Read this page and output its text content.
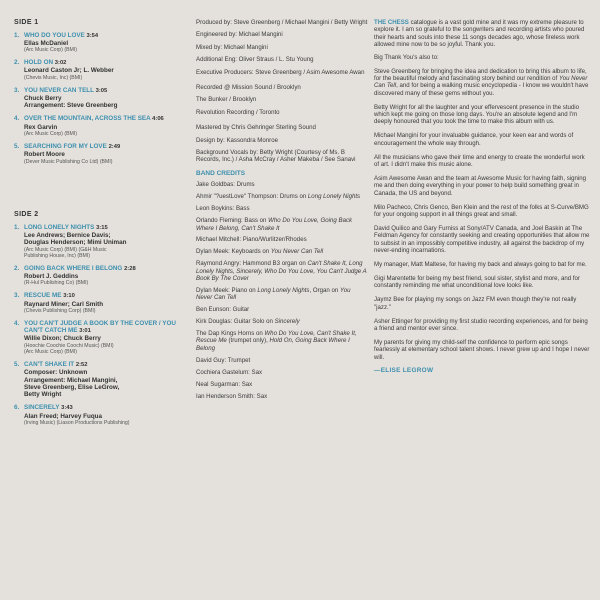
SIDE 1
1. WHO DO YOU LOVE 3:54
Ellas McDaniel
(Arc Music Corp) (BMI)
2. HOLD ON 3:02
Leonard Caston Jr; L. Webber
(Chevis Music, Inc) (BMI)
3. YOU NEVER CAN TELL 3:05
Chuck Berry
Arrangement: Steve Greenberg
4. OVER THE MOUNTAIN, ACROSS THE SEA 4:06
Rex Garvin
(Arc Music Corp) (BMI)
5. SEARCHING FOR MY LOVE 2:49
Robert Moore
(Dever Music Publishing Co Ltd) (BMI)
SIDE 2
1. LONG LONELY NIGHTS 3:15
Lee Andrews; Bernice Davis;
Douglas Henderson; Mimi Uniman
(Arc Music Corp) (BMI) (G&H Music
Publishing House, Inc) (BMI)
2. GOING BACK WHERE I BELONG 2:28
Robert J. Geddins
(R-Hul Publishing Co) (BMI)
3. RESCUE ME 3:10
Raynard Miner; Carl Smith
(Chevis Publishing Corp) (BMI)
4. YOU CAN'T JUDGE A BOOK BY THE COVER / YOU CAN'T CATCH ME 3:01
Willie Dixon; Chuck Berry
(Hoochie Coochie Coochi Music) (BMI)
(Arc Music Corp) (BMI)
5. CAN'T SHAKE IT 2:52
Composer: Unknown
Arrangement: Michael Mangini,
Steve Greenberg, Elise LeGrow,
Betty Wright
6. SINCERELY 3:43
Alan Freed; Harvey Fuqua
(Irving Music) (Liason Productions Publishing)
Produced by: Steve Greenberg / Michael Mangini / Betty Wright
Engineered by: Michael Mangini
Mixed by: Michael Mangini
Additional Eng: Oliver Straus / L. Stu Young
Executive Producers: Steve Greenberg / Asim Awesome Awan
Recorded @ Mission Sound / Brooklyn
The Bunker / Brooklyn
Revolution Recording / Toronto
Mastered by Chris Gehringer Sterling Sound
Design by: Kassondra Monroe
Background Vocals by: Betty Wright (Courtesy of Ms. B Records, Inc.) / Asha McCray / Asher Makeba / See Sanavi
BAND CREDITS
Jake Goldbas: Drums
Ahmir "?uestLove" Thompson: Drums on Long Lonely Nights
Leon Boykins: Bass
Orlando Fleming: Bass on Who Do You Love, Going Back Where I Belong, Can't Shake It
Michael Mitchell: Piano/Wurlitzer/Rhodes
Dylan Meek: Keyboards on You Never Can Tell
Raymond Angry: Hammond B3 organ on Can't Shake It, Long Lonely Nights, Sincerely, Who Do You Love, You Can't Judge A Book By The Cover
Dylan Meek: Piano on Long Lonely Nights, Organ on You Never Can Tell
Ben Eunson: Guitar
Kirk Douglas: Guitar Solo on Sincerely
The Dap Kings Horns on Who Do You Love, Can't Shake It, Rescue Me (trumpet only), Hold On, Going Back Where I Belong
David Guy: Trumpet
Cochiera Gastelum: Sax
Neal Sugarman: Sax
Ian Henderson Smith: Sax
THE CHESS catalogue is a vast gold mine and it was my extreme pleasure to explore it. I am so grateful to the songwriters and recording artists who poured their hearts and souls into these 11 songs decades ago, whose fireless work allowed mine now to be so joyful. Thank you.
Big Thank You's also to:
Steve Greenberg for bringing the idea and dedication to bring this album to life, for the beautiful melody and fascinating story behind our rendition of You Never Can Tell, and for being a walking music encyclopedia - I know we wouldn't have discovered many of these gems without you.
Betty Wright for all the laughter and your effervescent presence in the studio which kept me going on those long days. You're an absolute legend and I'm deeply honoured that you took the time to make this album with us.
Michael Mangini for your invaluable guidance, your keen ear and words of encouragement the whole way through.
All the musicians who gave their time and energy to create the wonderful work of art. I didn't make this music alone.
Asim Awesome Awan and the team at Awesome Music for having faith, signing me and then doing everything in your power to help build something great in Canada, the US and beyond.
Milo Pacheco, Chris Genco, Ben Klein and the rest of the folks at S-Curve/BMG for your ongoing support in all things great and small.
David Quilico and Gary Furniss at Sony/ATV Canada, and Joel Baskin at The Feldman Agency for constantly seeking and creating opportunities that allow me to subsist in an impossibly competitive industry, all against the backdrop of my never-ending incarnations.
My manager, Matt Maltese, for having my back and always going to bat for me.
Gigi Marentette for being my best friend, soul sister, stylist and more, and for constantly reminding me what unconditional love looks like.
Jaymz Bee for playing my songs on Jazz FM even though they're not really "jazz."
Asher Ettinger for providing my first studio recording experiences, and for being a friend and mentor ever since.
My parents for giving my child-self the confidence to perform epic songs fearlessly at elementary school talent shows. I never grew up and I hope I never will.
—ELISE LEGROW
